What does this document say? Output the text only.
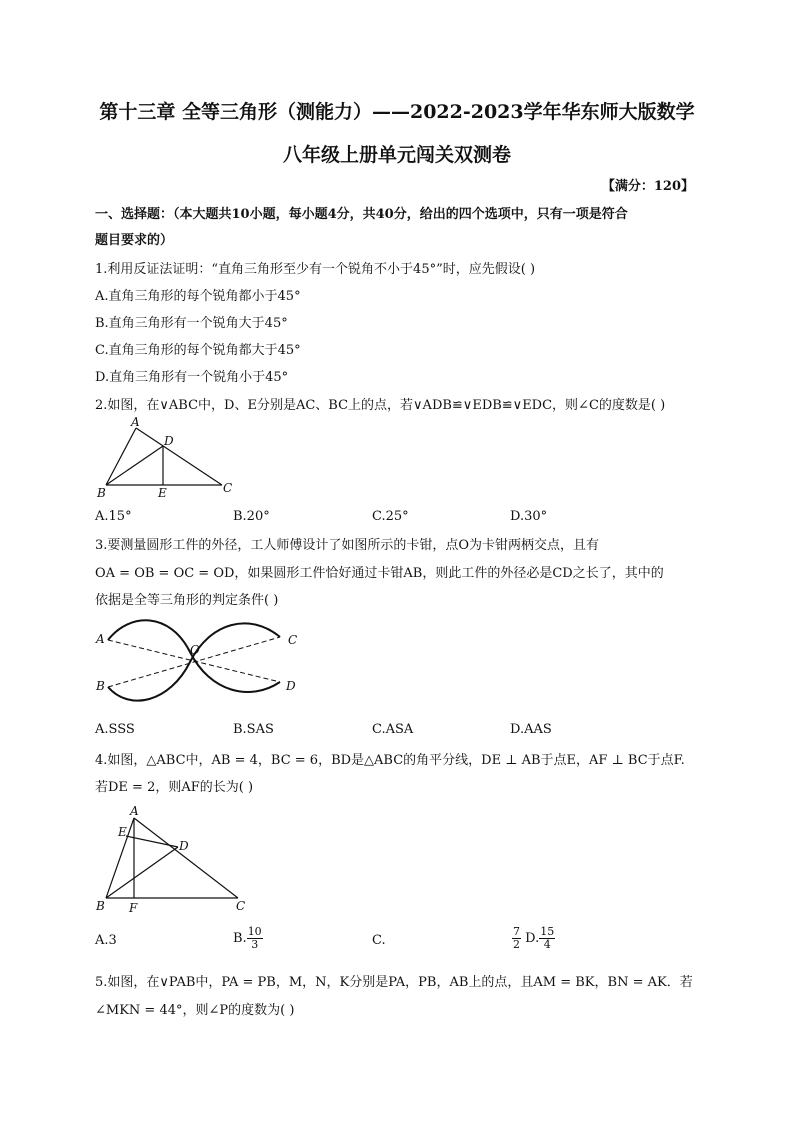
第十三章 全等三角形（测能力）——2022-2023学年华东师大版数学
八年级上册单元闯关双测卷
【满分：120】
一、选择题：（本大题共10小题，每小题4分，共40分，给出的四个选项中，只有一项是符合
题目要求的）
1.利用反证法证明：“直角三角形至少有一个锐角不小于45°”时，应先假设( )
A.直角三角形的每个锐角都小于45°
B.直角三角形有一个锐角大于45°
C.直角三角形的每个锐角都大于45°
D.直角三角形有一个锐角小于45°
2.如图，在∨ABC中，D、E分别是AC、BC上的点，若∨ADB≌∨EDB≌∨EDC，则∠C的度数是( )
A
D
B	E	C
A.15°	B.20°	C.25°	D.30°
3.要测量圆形工件的外径，工人师傅设计了如图所示的卡钳，点O为卡钳两柄交点，且有
OA = OB = OC = OD，如果圆形工件恰好通过卡钳AB，则此工件的外径必是CD之长了，其中的
依据是全等三角形的判定条件( )
A
B
C
D
O
A.SSS	B.SAS	C.ASA	D.AAS
4.如图，△ABC中，AB = 4，BC = 6，BD是△ABC的角平分线，DE ⊥ AB于点E，AF ⊥ BC于点F.
若DE = 2，则AF的长为( )
A
E
D
B F	C
A.3	B. $\frac{10}{3}$	C.	$\frac{7}{2} D$. $\frac{15}{4}$
5.如图，在∨PAB中，PA = PB，M，N，K分别是PA，PB，AB上的点，且AM = BK，BN = AK．若
∠MKN = 44°，则∠P的度数为( )
